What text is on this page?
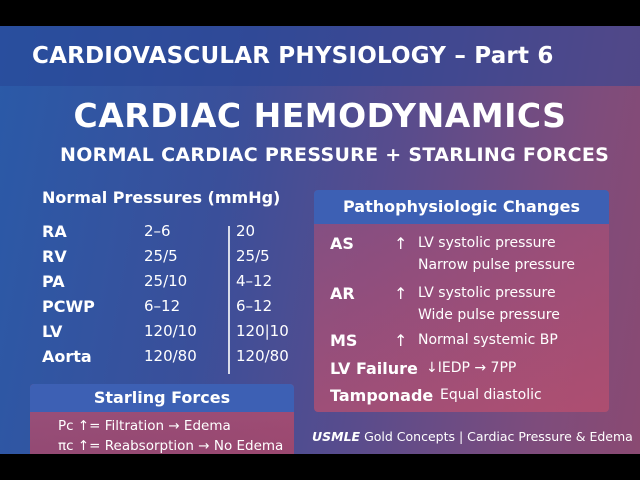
CARDIOVASCULAR PHYSIOLOGY – Part 6
CARDIAC HEMODYNAMICS
NORMAL CARDIAC PRESSURE + STARLING FORCES
Normal Pressures (mmHg)
RA	2–6	20
RV	25/5	25/5
PA	25/10	4–12
PCWP	6–12	6–12
LV	120/10	120|10
Aorta	120/80	120/80
Pathophysiologic Changes
AS	↑ LV systolic pressure
Narrow pulse pressure
AR ↑ LV systolic pressure
Wide pulse pressure
MS ↑ Normal systemic BP
LV Failure ↓IEDP → 7PP
Tamponade Equal diastolic
Starling Forces
Pc ↑= Filtration → Edema
πc ↑= Reabsorption → No Edema
USMLE Gold Concepts | Cardiac Pressure & Edema
